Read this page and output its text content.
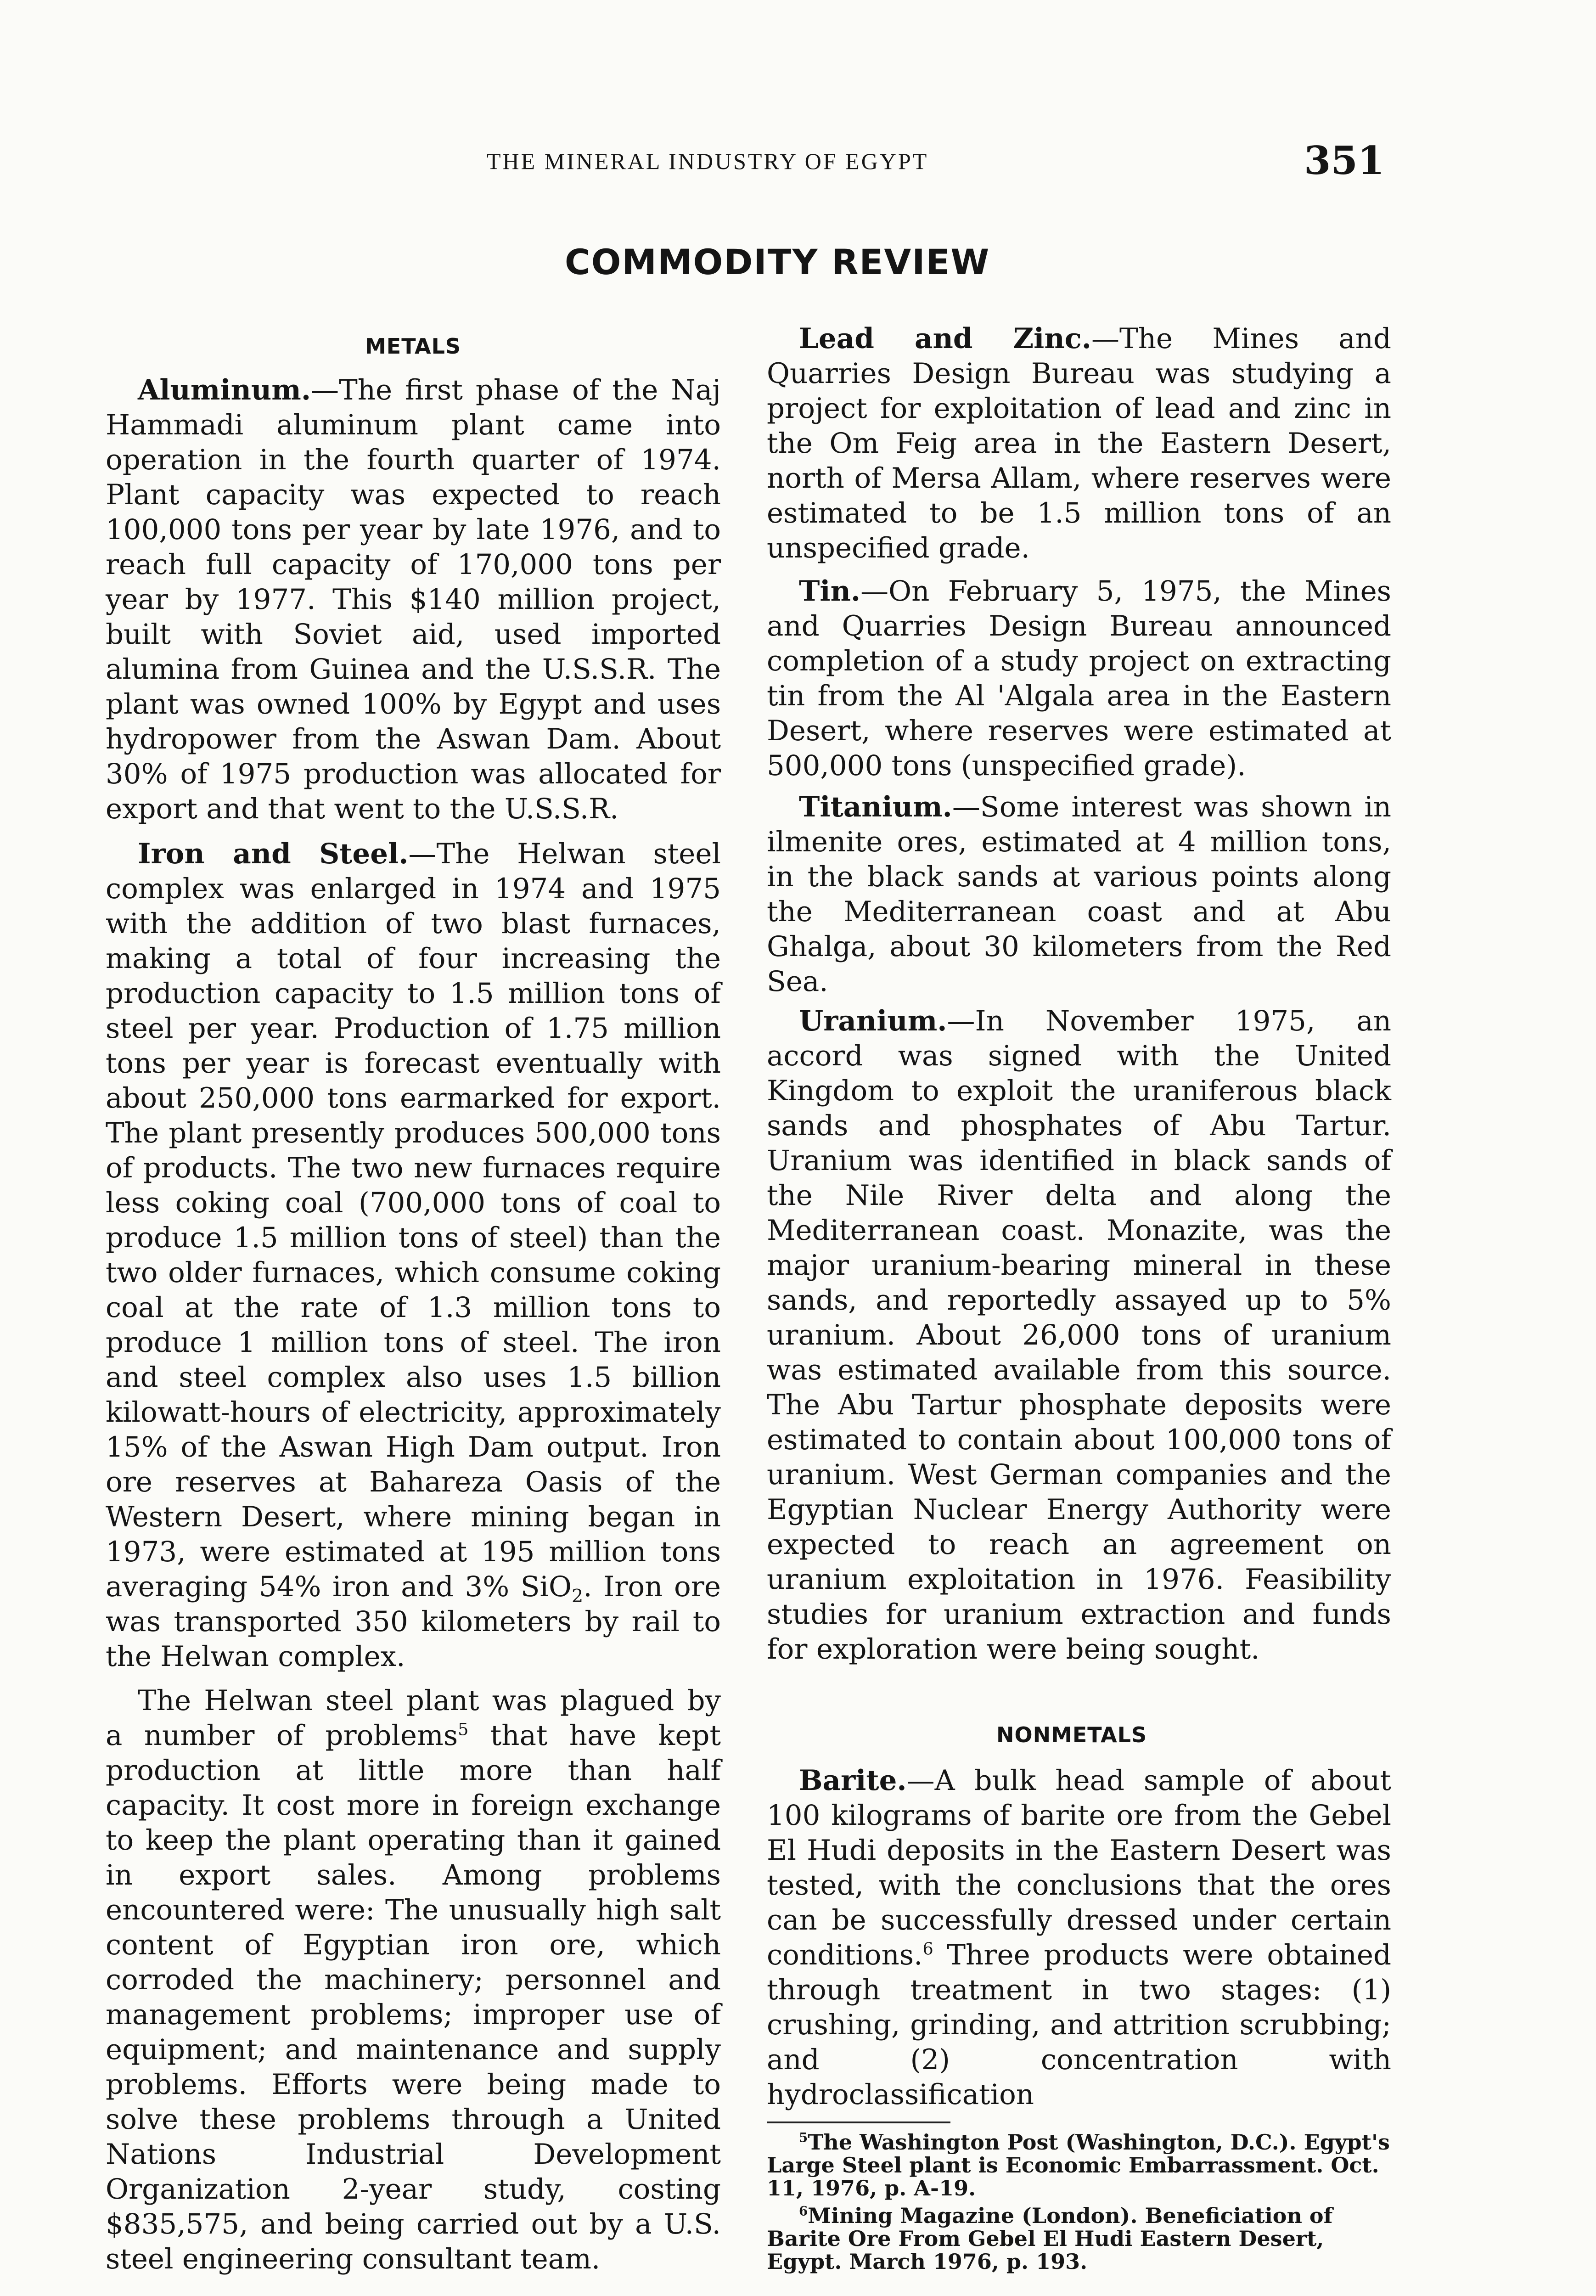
THE MINERAL INDUSTRY OF EGYPT	351
COMMODITY REVIEW
METALS

Aluminum.—The first phase of the Naj Hammadi aluminum plant came into operation in the fourth quarter of 1974. Plant capacity was expected to reach 100,000 tons per year by late 1976, and to reach full capacity of 170,000 tons per year by 1977. This $140 million project, built with Soviet aid, used imported alumina from Guinea and the U.S.S.R. The plant was owned 100% by Egypt and uses hydropower from the Aswan Dam. About 30% of 1975 production was allocated for export and that went to the U.S.S.R.

Iron and Steel.—The Helwan steel complex was enlarged in 1974 and 1975 with the addition of two blast furnaces, making a total of four increasing the production capacity to 1.5 million tons of steel per year. Production of 1.75 million tons per year is forecast eventually with about 250,000 tons earmarked for export. The plant presently produces 500,000 tons of products. The two new furnaces require less coking coal (700,000 tons of coal to produce 1.5 million tons of steel) than the two older furnaces, which consume coking coal at the rate of 1.3 million tons to produce 1 million tons of steel. The iron and steel complex also uses 1.5 billion kilowatt-hours of electricity, approximately 15% of the Aswan High Dam output. Iron ore reserves at Bahareza Oasis of the Western Desert, where mining began in 1973, were estimated at 195 million tons averaging 54% iron and 3% SiO$_2$. Iron ore was transported 350 kilometers by rail to the Helwan complex.

The Helwan steel plant was plagued by a number of problems$^5$ that have kept production at little more than half capacity. It cost more in foreign exchange to keep the plant operating than it gained in export sales. Among problems encountered were: The unusually high salt content of Egyptian iron ore, which corroded the machinery; personnel and management problems; improper use of equipment; and maintenance and supply problems. Efforts were being made to solve these problems through a United Nations Industrial Development Organization 2-year study, costing $835,575, and being carried out by a U.S. steel engineering consultant team.

Lead and Zinc.—The Mines and Quarries Design Bureau was studying a project for exploitation of lead and zinc in the Om Feig area in the Eastern Desert, north of Mersa Allam, where reserves were estimated to be 1.5 million tons of an unspecified grade.

Tin.—On February 5, 1975, the Mines and Quarries Design Bureau announced completion of a study project on extracting tin from the Al 'Algala area in the Eastern Desert, where reserves were estimated at 500,000 tons (unspecified grade).

Titanium.—Some interest was shown in ilmenite ores, estimated at 4 million tons, in the black sands at various points along the Mediterranean coast and at Abu Ghalga, about 30 kilometers from the Red Sea.

Uranium.—In November 1975, an accord was signed with the United Kingdom to exploit the uraniferous black sands and phosphates of Abu Tartur. Uranium was identified in black sands of the Nile River delta and along the Mediterranean coast. Monazite, was the major uranium-bearing mineral in these sands, and reportedly assayed up to 5% uranium. About 26,000 tons of uranium was estimated available from this source. The Abu Tartur phosphate deposits were estimated to contain about 100,000 tons of uranium. West German companies and the Egyptian Nuclear Energy Authority were expected to reach an agreement on uranium exploitation in 1976. Feasibility studies for uranium extraction and funds for exploration were being sought.

NONMETALS

Barite.—A bulk head sample of about 100 kilograms of barite ore from the Gebel El Hudi deposits in the Eastern Desert was tested, with the conclusions that the ores can be successfully dressed under certain conditions.$^6$ Three products were obtained through treatment in two stages: (1) crushing, grinding, and attrition scrubbing; and (2) concentration with hydroclassification

$^5$The Washington Post (Washington, D.C.). Egypt's Large Steel plant is Economic Embarrassment. Oct. 11, 1976, p. A-19.

$^6$Mining Magazine (London). Beneficiation of Barite Ore From Gebel El Hudi Eastern Desert, Egypt. March 1976, p. 193.
